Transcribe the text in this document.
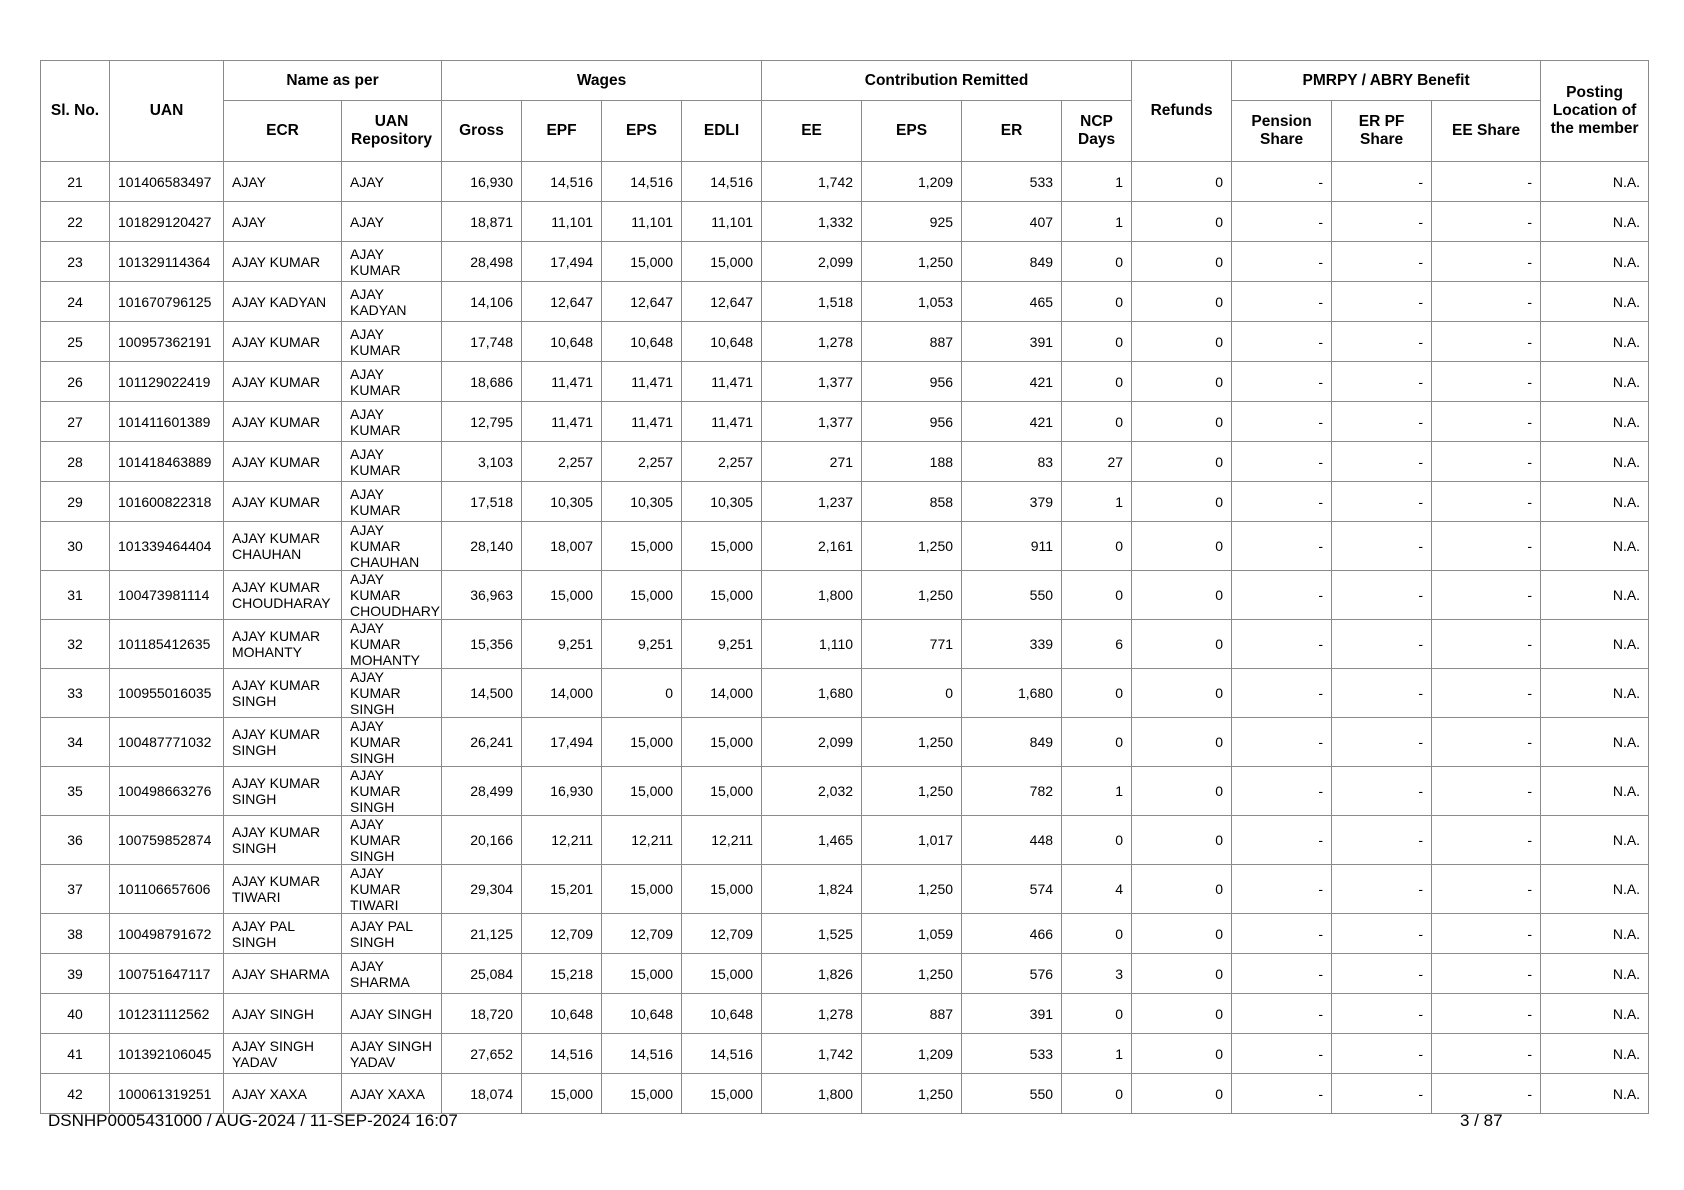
Sl. No.	UAN	Name as per		Wages				Contribution Remitted				Refunds	PMRPY / ABRY Benefit			Posting Location of the member
		ECR	UAN Repository	Gross	EPF	EPS	EDLI	EE	EPS	ER	NCP Days		Pension Share	ER PF Share	EE Share	
21	101406583497	AJAY	AJAY	16,930	14,516	14,516	14,516	1,742	1,209	533	1	0	-	-	-	N.A.
22	101829120427	AJAY	AJAY	18,871	11,101	11,101	11,101	1,332	925	407	1	0	-	-	-	N.A.
23	101329114364	AJAY KUMAR	AJAY KUMAR	28,498	17,494	15,000	15,000	2,099	1,250	849	0	0	-	-	-	N.A.
24	101670796125	AJAY KADYAN	AJAY KADYAN	14,106	12,647	12,647	12,647	1,518	1,053	465	0	0	-	-	-	N.A.
25	100957362191	AJAY KUMAR	AJAY KUMAR	17,748	10,648	10,648	10,648	1,278	887	391	0	0	-	-	-	N.A.
26	101129022419	AJAY KUMAR	AJAY KUMAR	18,686	11,471	11,471	11,471	1,377	956	421	0	0	-	-	-	N.A.
27	101411601389	AJAY KUMAR	AJAY KUMAR	12,795	11,471	11,471	11,471	1,377	956	421	0	0	-	-	-	N.A.
28	101418463889	AJAY KUMAR	AJAY KUMAR	3,103	2,257	2,257	2,257	271	188	83	27	0	-	-	-	N.A.
29	101600822318	AJAY KUMAR	AJAY KUMAR	17,518	10,305	10,305	10,305	1,237	858	379	1	0	-	-	-	N.A.
30	101339464404	AJAY KUMAR CHAUHAN	AJAY KUMAR CHAUHAN	28,140	18,007	15,000	15,000	2,161	1,250	911	0	0	-	-	-	N.A.
31	100473981114	AJAY KUMAR CHOUDHARAY	AJAY KUMAR CHOUDHARY	36,963	15,000	15,000	15,000	1,800	1,250	550	0	0	-	-	-	N.A.
32	101185412635	AJAY KUMAR MOHANTY	AJAY KUMAR MOHANTY	15,356	9,251	9,251	9,251	1,110	771	339	6	0	-	-	-	N.A.
33	100955016035	AJAY KUMAR SINGH	AJAY KUMAR SINGH	14,500	14,000	0	14,000	1,680	0	1,680	0	0	-	-	-	N.A.
34	100487771032	AJAY KUMAR SINGH	AJAY KUMAR SINGH	26,241	17,494	15,000	15,000	2,099	1,250	849	0	0	-	-	-	N.A.
35	100498663276	AJAY KUMAR SINGH	AJAY KUMAR SINGH	28,499	16,930	15,000	15,000	2,032	1,250	782	1	0	-	-	-	N.A.
36	100759852874	AJAY KUMAR SINGH	AJAY KUMAR SINGH	20,166	12,211	12,211	12,211	1,465	1,017	448	0	0	-	-	-	N.A.
37	101106657606	AJAY KUMAR TIWARI	AJAY KUMAR TIWARI	29,304	15,201	15,000	15,000	1,824	1,250	574	4	0	-	-	-	N.A.
38	100498791672	AJAY PAL SINGH	AJAY PAL SINGH	21,125	12,709	12,709	12,709	1,525	1,059	466	0	0	-	-	-	N.A.
39	100751647117	AJAY SHARMA	AJAY SHARMA	25,084	15,218	15,000	15,000	1,826	1,250	576	3	0	-	-	-	N.A.
40	101231112562	AJAY SINGH	AJAY SINGH	18,720	10,648	10,648	10,648	1,278	887	391	0	0	-	-	-	N.A.
41	101392106045	AJAY SINGH YADAV	AJAY SINGH YADAV	27,652	14,516	14,516	14,516	1,742	1,209	533	1	0	-	-	-	N.A.
42	100061319251	AJAY XAXA	AJAY XAXA	18,074	15,000	15,000	15,000	1,800	1,250	550	0	0	-	-	-	N.A.
DSNHP0005431000 / AUG-2024 / 11-SEP-2024 16:07	3 / 87
